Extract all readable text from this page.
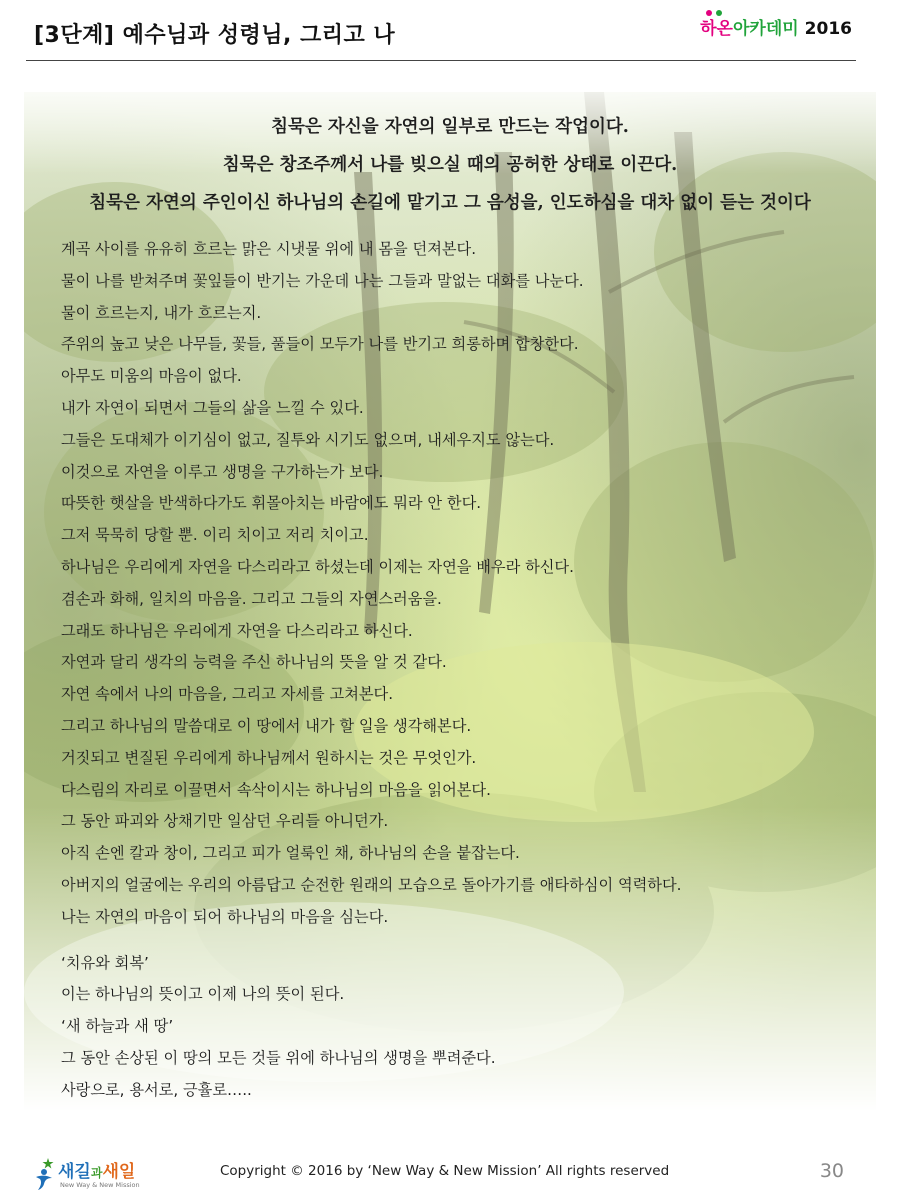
[3단계] 예수님과 성령님, 그리고 나	하온아카데미 2016
침묵은 자신을 자연의 일부로 만드는 작업이다.
침묵은 창조주께서 나를 빚으실 때의 공허한 상태로 이끈다.
침묵은 자연의 주인이신 하나님의 손길에 맡기고 그 음성을, 인도하심을 대차 없이 듣는 것이다
계곡 사이를 유유히 흐르는 맑은 시냇물 위에 내 몸을 던져본다.
물이 나를 받쳐주며 꽃잎들이 반기는 가운데 나는 그들과 말없는 대화를 나눈다.
물이 흐르는지, 내가 흐르는지.
주위의 높고 낮은 나무들, 꽃들, 풀들이 모두가 나를 반기고 희롱하며 합창한다.
아무도 미움의 마음이 없다.
내가 자연이 되면서 그들의 삶을 느낄 수 있다.
그들은 도대체가 이기심이 없고, 질투와 시기도 없으며, 내세우지도 않는다.
이것으로 자연을 이루고 생명을 구가하는가 보다.
따뜻한 햇살을 반색하다가도 휘몰아치는 바람에도 뭐라 안 한다.
그저 묵묵히 당할 뿐. 이리 치이고 저리 치이고.
하나님은 우리에게 자연을 다스리라고 하셨는데 이제는 자연을 배우라 하신다.
겸손과 화해, 일치의 마음을. 그리고 그들의 자연스러움을.
그래도 하나님은 우리에게 자연을 다스리라고 하신다.
자연과 달리 생각의 능력을 주신 하나님의 뜻을 알 것 같다.
자연 속에서 나의 마음을, 그리고 자세를 고쳐본다.
그리고 하나님의 말씀대로 이 땅에서 내가 할 일을 생각해본다.
거짓되고 변질된 우리에게 하나님께서 원하시는 것은 무엇인가.
다스림의 자리로 이끌면서 속삭이시는 하나님의 마음을 읽어본다.
그 동안 파괴와 상채기만 일삼던 우리들 아니던가.
아직 손엔 칼과 창이, 그리고 피가 얼룩인 채, 하나님의 손을 붙잡는다.
아버지의 얼굴에는 우리의 아름답고 순전한 원래의 모습으로 돌아가기를 애타하심이 역력하다.
나는 자연의 마음이 되어 하나님의 마음을 심는다.
‘치유와 회복’
이는 하나님의 뜻이고 이제 나의 뜻이 된다.
‘새 하늘과 새 땅’
그 동안 손상된 이 땅의 모든 것들 위에 하나님의 생명을 뿌려준다.
사랑으로, 용서로, 긍휼로…..
새길과새일
New Way & New Mission
Copyright © 2016 by ‘New Way & New Mission’ All rights reserved	30
